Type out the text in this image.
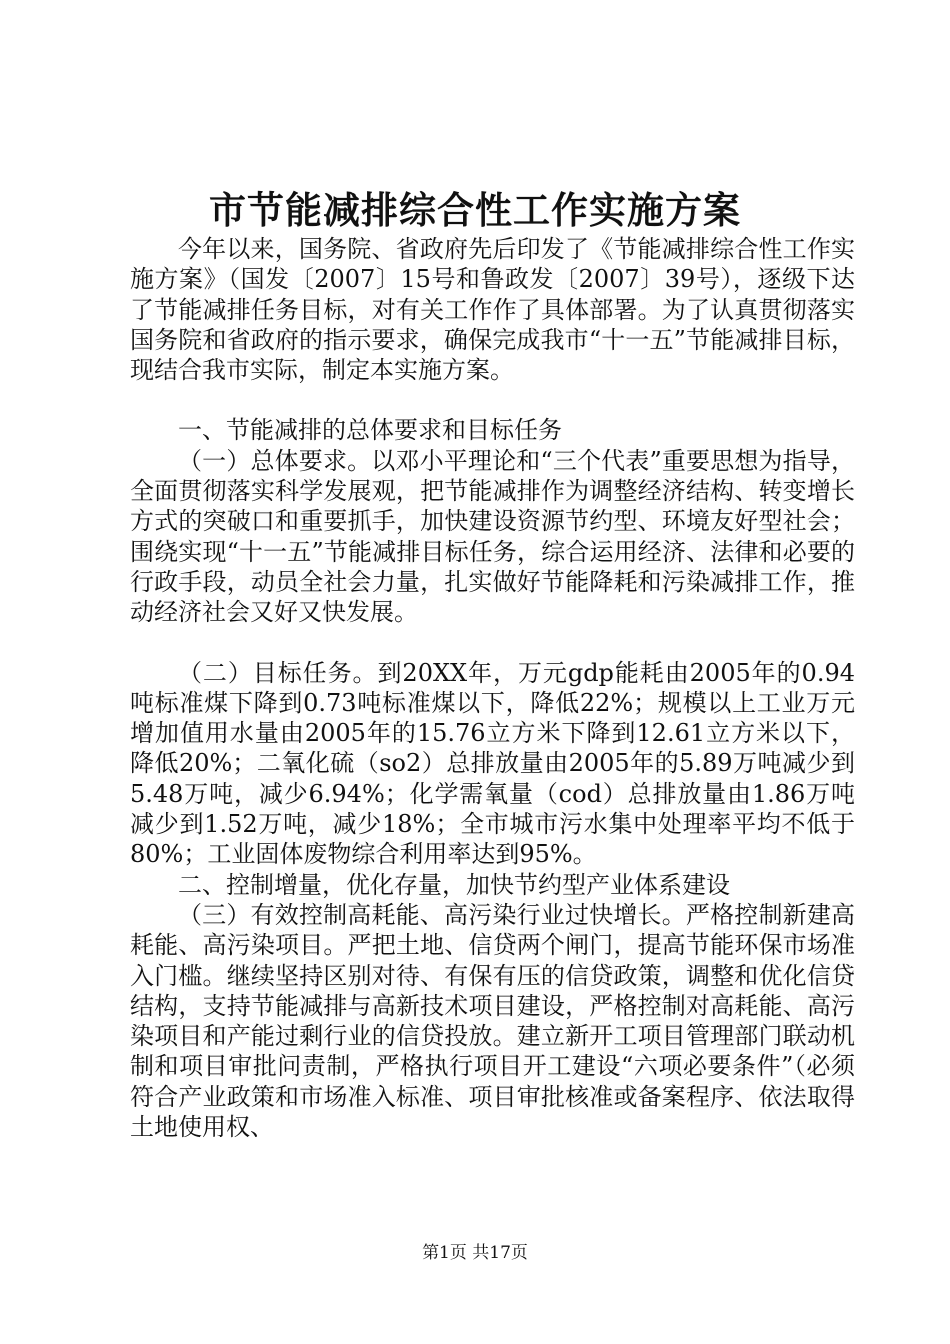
市节能减排综合性工作实施方案

今年以来，国务院、省政府先后印发了《节能减排综合性工作实施方案》（国发〔2007〕15号和鲁政发〔2007〕39号），逐级下达了节能减排任务目标，对有关工作作了具体部署。为了认真贯彻落实国务院和省政府的指示要求，确保完成我市“十一五”节能减排目标，现结合我市实际，制定本实施方案。

一、节能减排的总体要求和目标任务

（一）总体要求。以邓小平理论和“三个代表”重要思想为指导，全面贯彻落实科学发展观，把节能减排作为调整经济结构、转变增长方式的突破口和重要抓手，加快建设资源节约型、环境友好型社会；围绕实现“十一五”节能减排目标任务，综合运用经济、法律和必要的行政手段，动员全社会力量，扎实做好节能降耗和污染减排工作，推动经济社会又好又快发展。

（二）目标任务。到20XX年，万元gdp能耗由2005年的0.94吨标准煤下降到0.73吨标准煤以下，降低22%；规模以上工业万元增加值用水量由2005年的15.76立方米下降到12.61立方米以下，降低20%；二氧化硫（so2）总排放量由2005年的5.89万吨减少到5.48万吨，减少6.94%；化学需氧量（cod）总排放量由1.86万吨减少到1.52万吨，减少18%；全市城市污水集中处理率平均不低于80%；工业固体废物综合利用率达到95%。

二、控制增量，优化存量，加快节约型产业体系建设

（三）有效控制高耗能、高污染行业过快增长。严格控制新建高耗能、高污染项目。严把土地、信贷两个闸门，提高节能环保市场准入门槛。继续坚持区别对待、有保有压的信贷政策，调整和优化信贷结构，支持节能减排与高新技术项目建设，严格控制对高耗能、高污染项目和产能过剩行业的信贷投放。建立新开工项目管理部门联动机制和项目审批问责制，严格执行项目开工建设“六项必要条件”（必须符合产业政策和市场准入标准、项目审批核准或备案程序、依法取得土地使用权、

第1页 共17页
